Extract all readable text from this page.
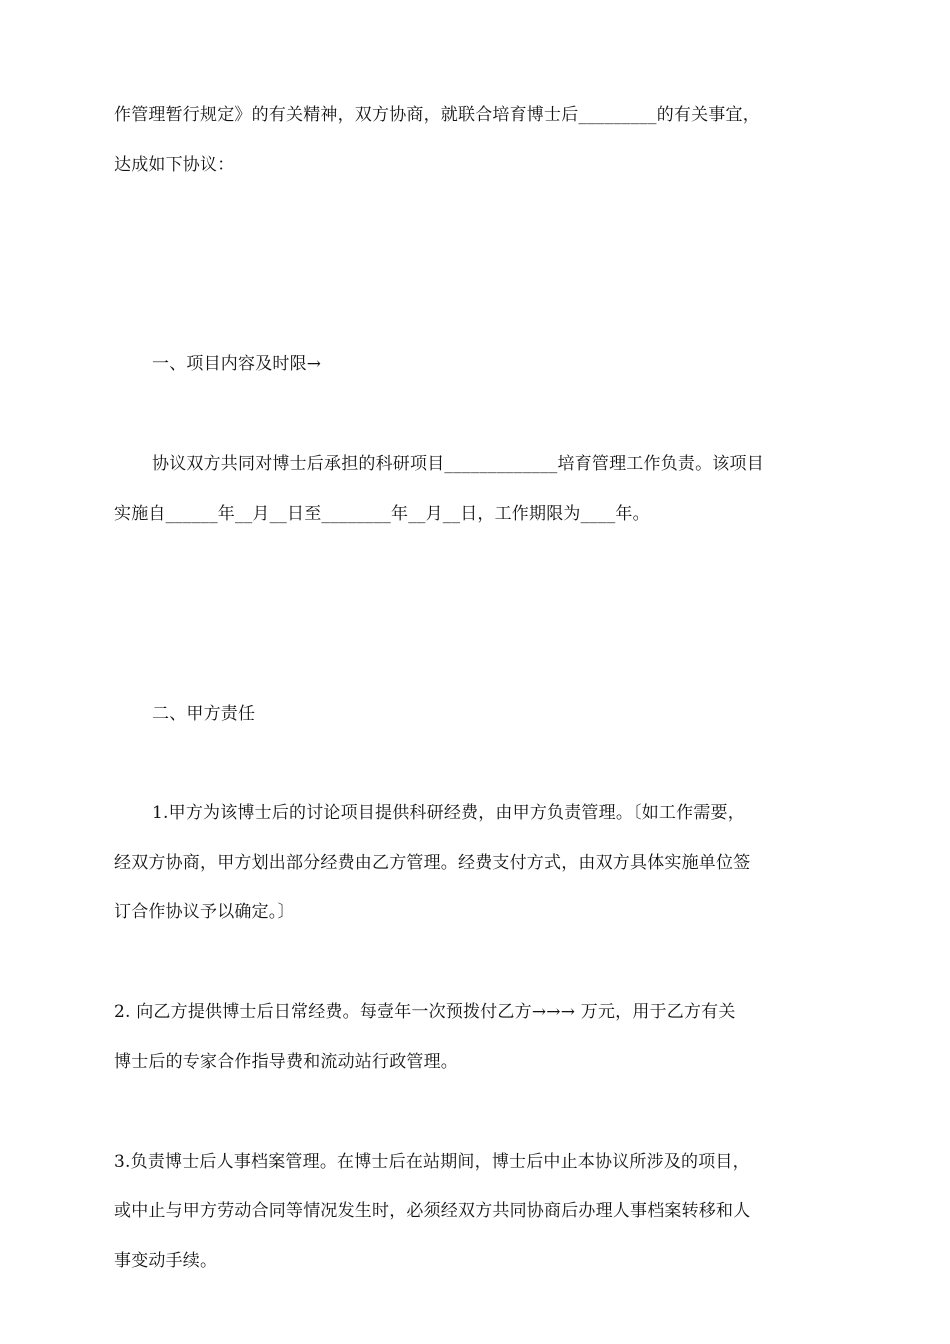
作管理暂行规定》的有关精神，双方协商，就联合培育博士后_________的有关事宜，
达成如下协议：
一、项目内容及时限→
协议双方共同对博士后承担的科研项目_____________培育管理工作负责。该项目
实施自______年__月__日至________年__月__日，工作期限为____年。
二、甲方责任
1.甲方为该博士后的讨论项目提供科研经费，由甲方负责管理。〔如工作需要，
经双方协商，甲方划出部分经费由乙方管理。经费支付方式，由双方具体实施单位签
订合作协议予以确定。〕
2. 向乙方提供博士后日常经费。每壹年一次预拨付乙方→→→ 万元，用于乙方有关
博士后的专家合作指导费和流动站行政管理。
3.负责博士后人事档案管理。在博士后在站期间，博士后中止本协议所涉及的项目，
或中止与甲方劳动合同等情况发生时，必须经双方共同协商后办理人事档案转移和人
事变动手续。
